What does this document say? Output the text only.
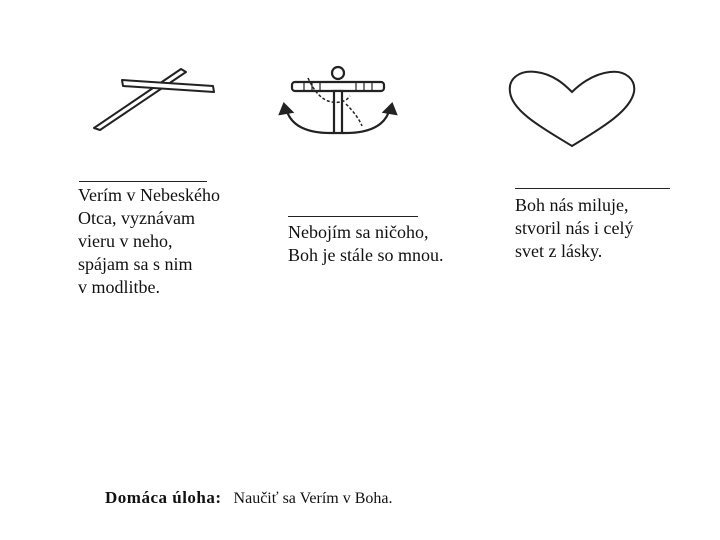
Verím v Nebeského
Otca, vyznávam
vieru v neho,
spájam sa s nim
v modlitbe.
Nebojím sa ničoho,
Boh je stále so mnou.
Boh nás miluje,
stvoril nás i celý
svet z lásky.
Domáca úloha: Naučiť sa Verím v Boha.
